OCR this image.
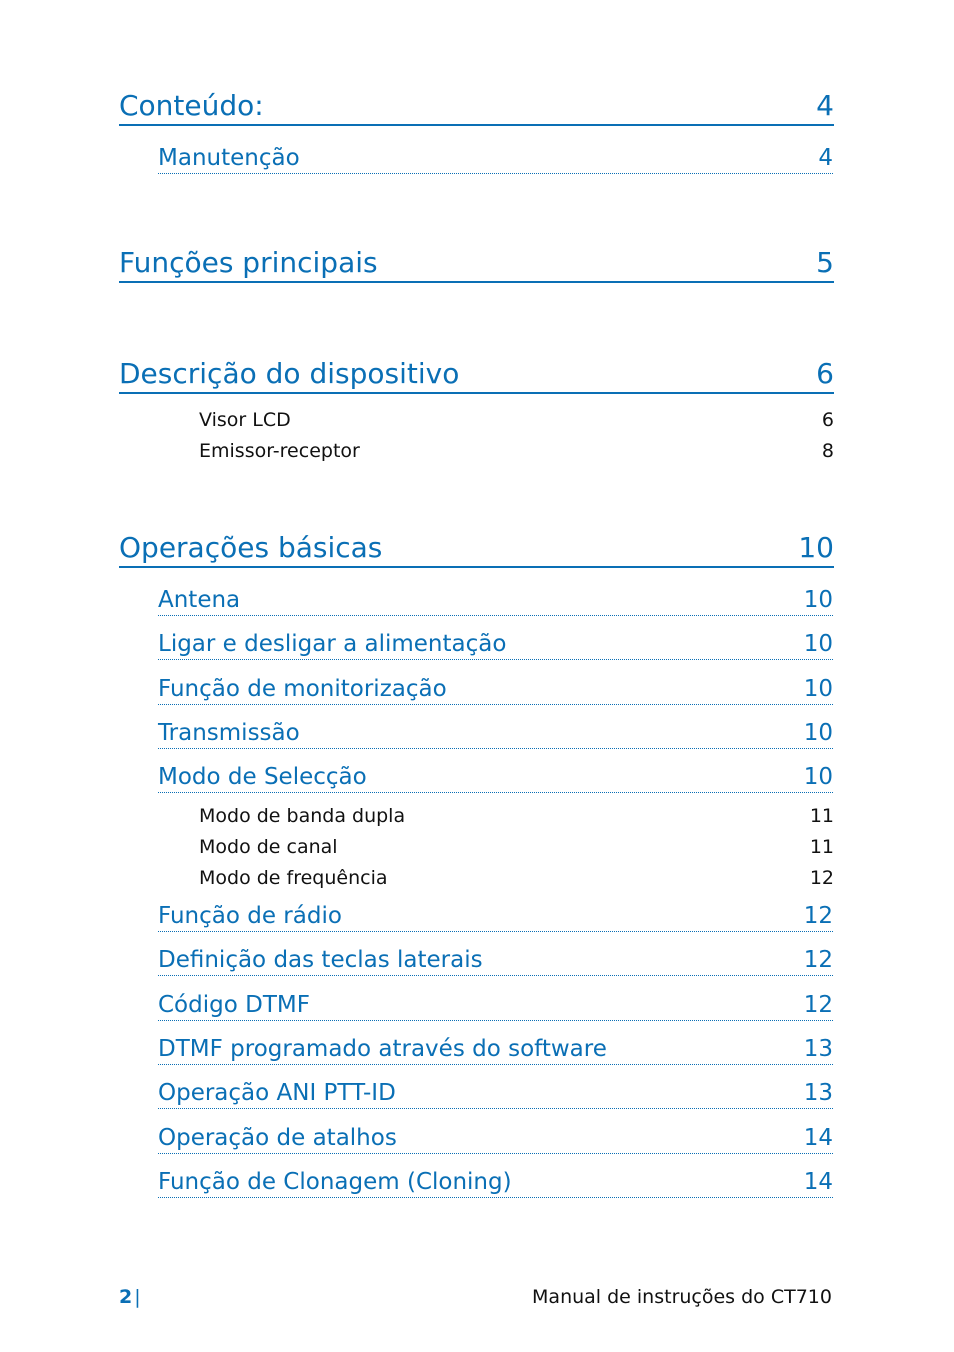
Conteúdo:	4
Manutenção	4
Funções principais	5
Descrição do dispositivo	6
Visor LCD	6
Emissor-receptor	8
Operações básicas	10
Antena	10
Ligar e desligar a alimentação	10
Função de monitorização	10
Transmissão	10
Modo de Selecção	10
Modo de banda dupla	11
Modo de canal	11
Modo de frequência	12
Função de rádio	12
Definição das teclas laterais	12
Código DTMF	12
DTMF programado através do software	13
Operação ANI PTT-ID	13
Operação de atalhos	14
Função de Clonagem (Cloning)	14
2 |	Manual de instruções do CT710
